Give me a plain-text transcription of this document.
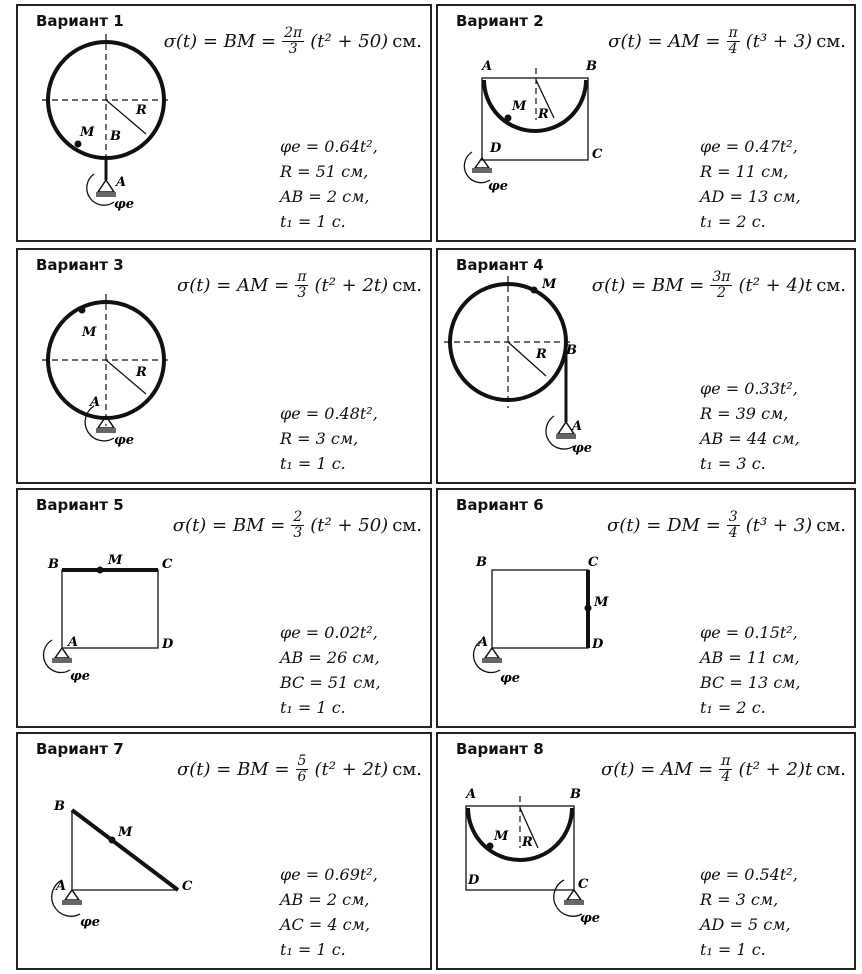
M B
R
A
φe
Вариант 1
σ(t) = BM = $\frac{2\pi}{3} (t^2 + 50)$ см.
φe = 0.64t²,
R = 51 см,
AB = 2 см,
t₁ = 1 с.
A	B
M
R
D	C
φe
Вариант 2
σ(t) = AM = $\frac{\pi}{4} (t^3 + 3)$ см.
φe = 0.47t²,
R = 11 см,
AD = 13 см,
t₁ = 2 с.
M
A
R
φe
Вариант 3
σ(t) = AM = $\frac{\pi}{3} (t^2 + 2t)$ см.
φe = 0.48t²,
R = 3 см,
t₁ = 1 с.
M
B
R
A
φe
Вариант 4
σ(t) = BM = $\frac{3\pi}{2} (t^2 + 4)t$ см.
φe = 0.33t²,
R = 39 см,
AB = 44 см,
t₁ = 3 с.
B	M	C
A	D
φe
Вариант 5
σ(t) = BM = $\frac{2}{3} (t^2 + 50)$ см.
φe = 0.02t²,
AB = 26 см,
BC = 51 см,
t₁ = 1 с.
B	C
M
A	D
φe
Вариант 6
σ(t) = DM = $\frac{3}{4} (t^3 + 3)$ см.
φe = 0.15t²,
AB = 11 см,
BC = 13 см,
t₁ = 2 с.
B
M
A	C
φe
Вариант 7
σ(t) = BM = $\frac{5}{6} (t^2 + 2t)$ см.
φe = 0.69t²,
AB = 2 см,
AC = 4 см,
t₁ = 1 с.
A	B
M R
D	C
φe
Вариант 8
σ(t) = AM = $\frac{\pi}{4} (t^2 + 2)t$ см.
φe = 0.54t²,
R = 3 см,
AD = 5 см,
t₁ = 1 с.
